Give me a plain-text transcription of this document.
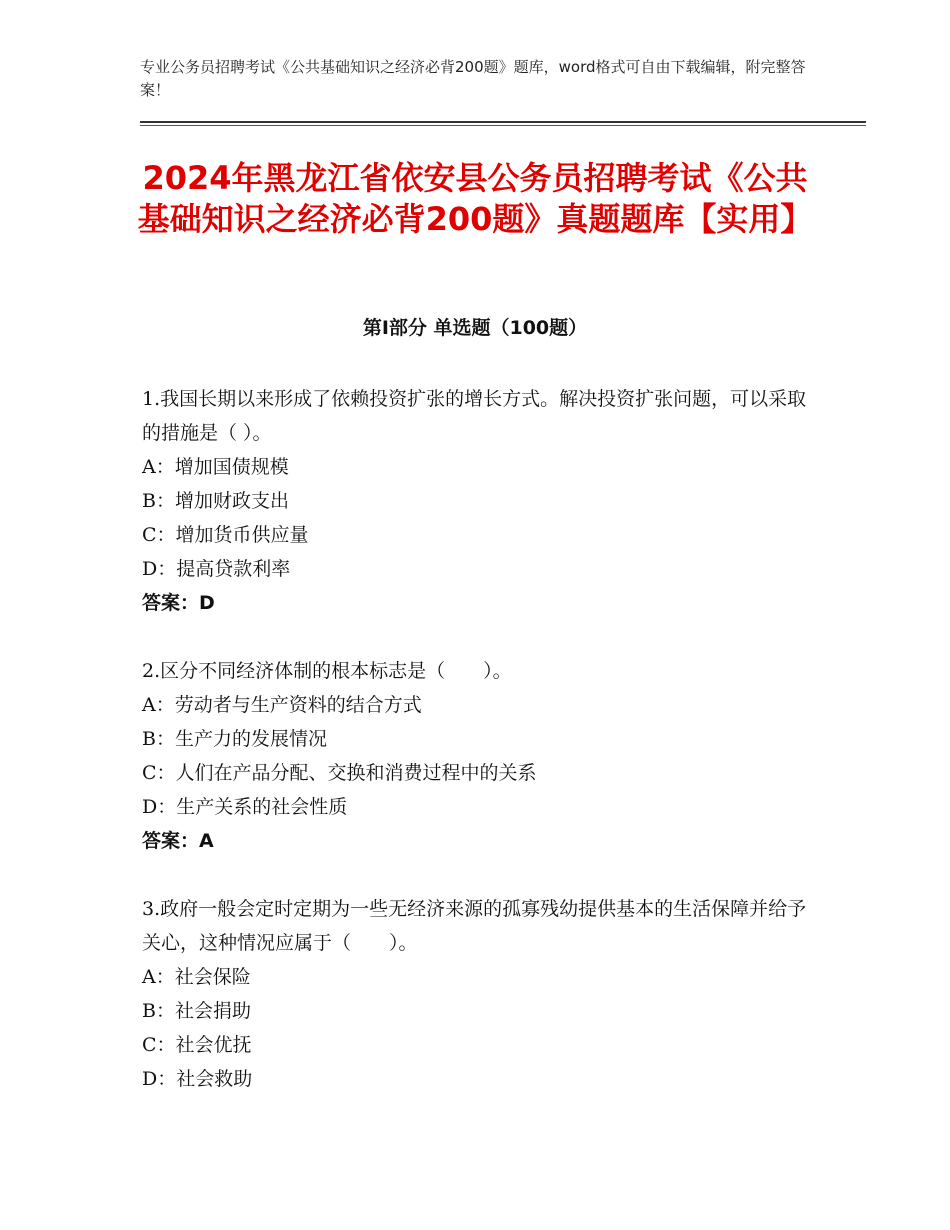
专业公务员招聘考试《公共基础知识之经济必背200题》题库，word格式可自由下载编辑，附完整答案！
2024年黑龙江省依安县公务员招聘考试《公共基础知识之经济必背200题》真题题库【实用】
第Ⅰ部分 单选题（100题）

1.我国长期以来形成了依赖投资扩张的增长方式。解决投资扩张问题，可以采取的措施是（ ）。

A：增加国债规模
B：增加财政支出
C：增加货币供应量
D：提高贷款利率
答案：D

2.区分不同经济体制的根本标志是（　　）。

A：劳动者与生产资料的结合方式
B：生产力的发展情况
C：人们在产品分配、交换和消费过程中的关系
D：生产关系的社会性质
答案：A

3.政府一般会定时定期为一些无经济来源的孤寡残幼提供基本的生活保障并给予关心，这种情况应属于（　　）。

A：社会保险
B：社会捐助
C：社会优抚
D：社会救助
